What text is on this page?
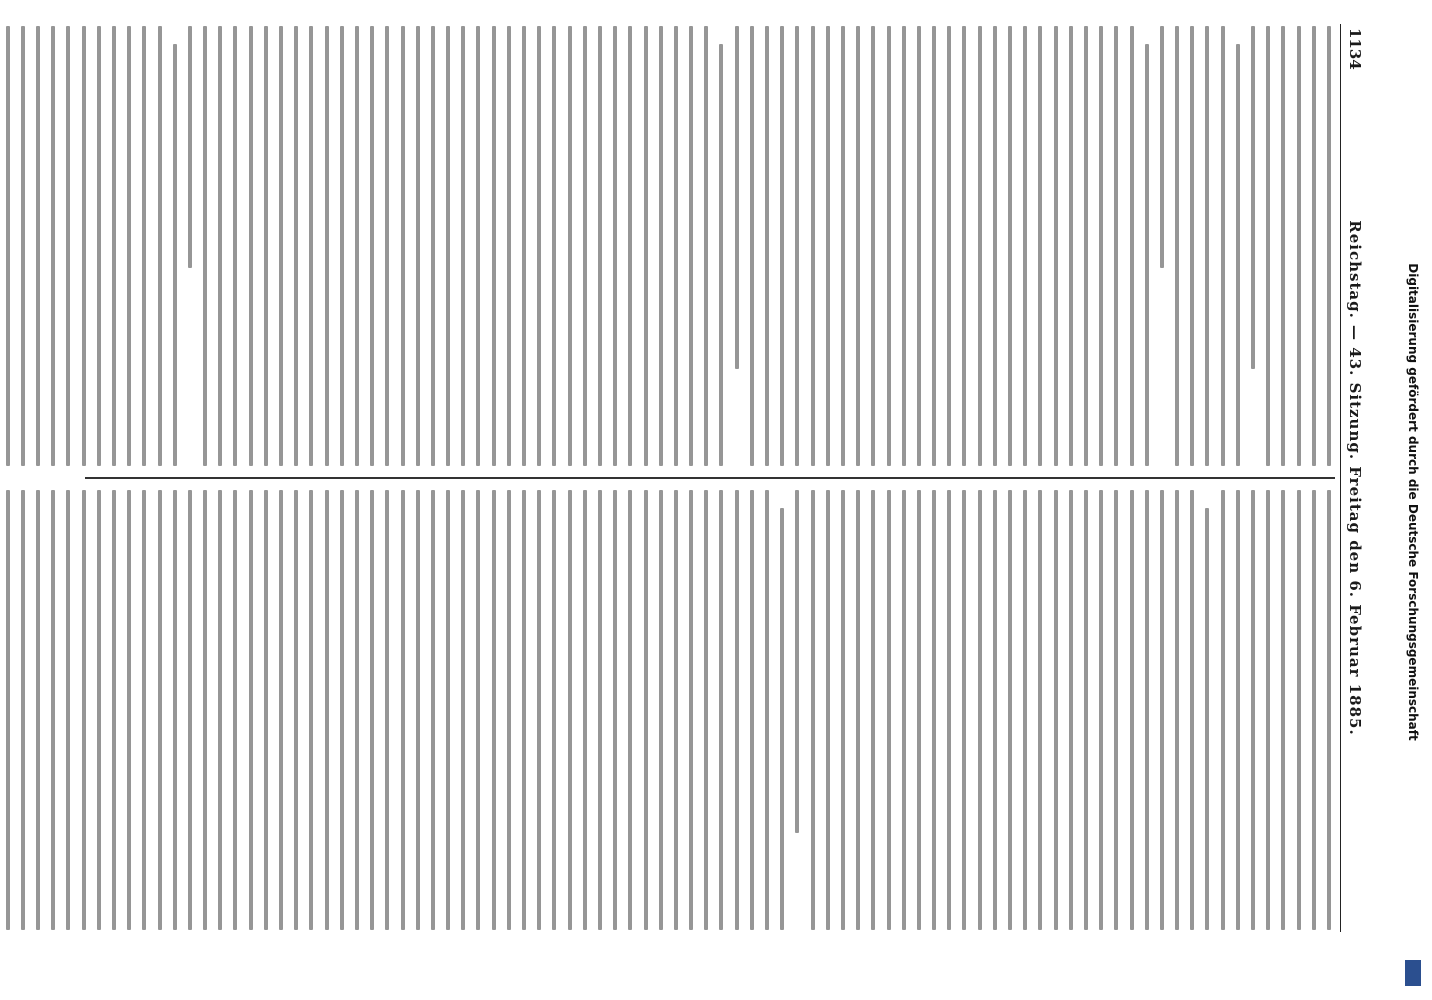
1134
Reichstag. — 43. Sitzung. Freitag den 6. Februar 1885.	Digitalisierung gefördert durch die Deutsche Forschungsgemeinschaft
